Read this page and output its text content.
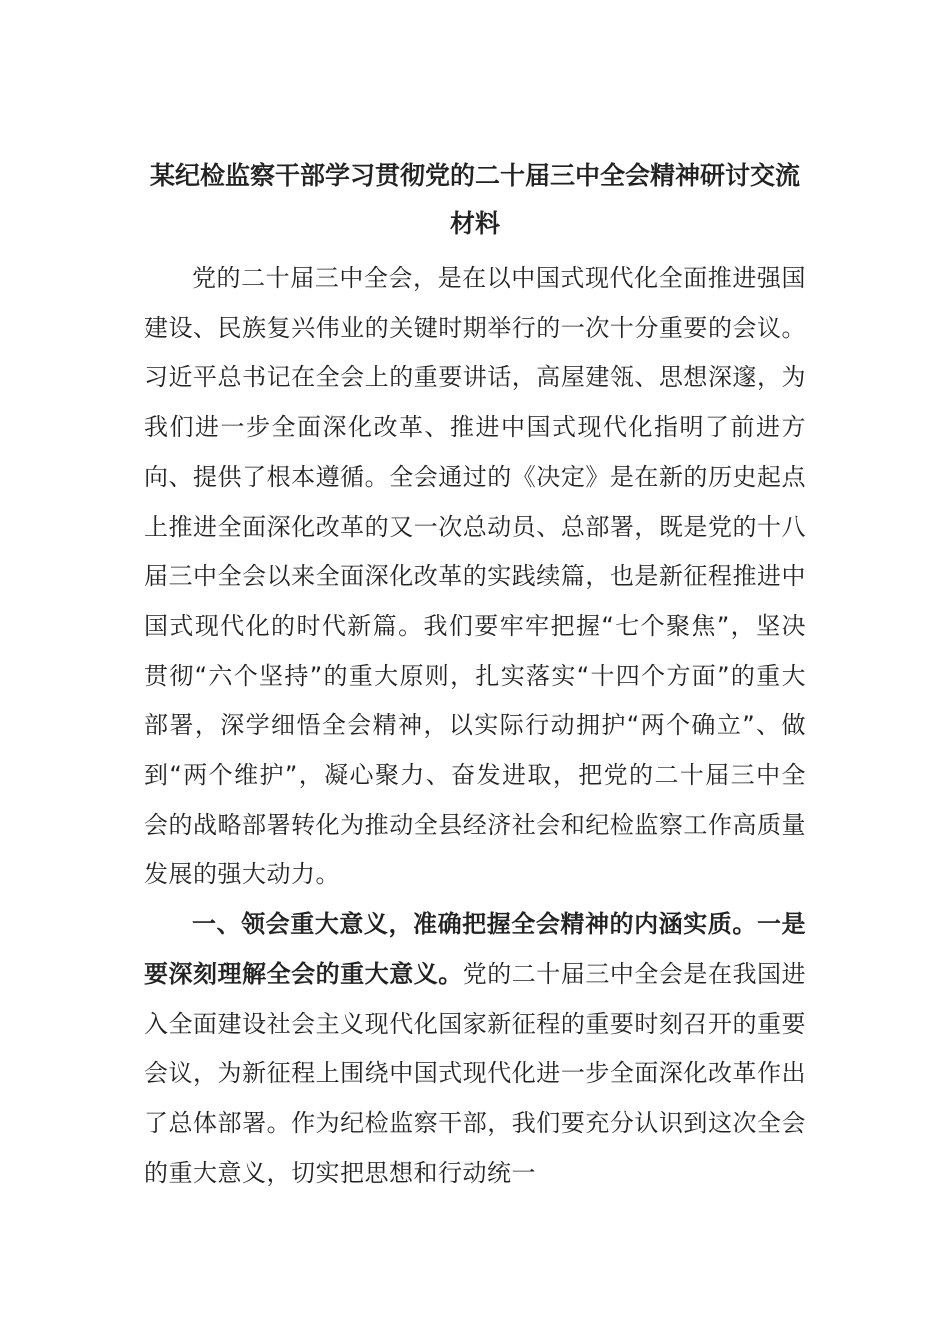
某纪检监察干部学习贯彻党的二十届三中全会精神研讨交流材料

党的二十届三中全会，是在以中国式现代化全面推进强国建设、民族复兴伟业的关键时期举行的一次十分重要的会议。习近平总书记在全会上的重要讲话，高屋建瓴、思想深邃，为我们进一步全面深化改革、推进中国式现代化指明了前进方向、提供了根本遵循。全会通过的《决定》是在新的历史起点上推进全面深化改革的又一次总动员、总部署，既是党的十八届三中全会以来全面深化改革的实践续篇，也是新征程推进中国式现代化的时代新篇。我们要牢牢把握“七个聚焦”，坚决贯彻“六个坚持”的重大原则，扎实落实“十四个方面”的重大部署，深学细悟全会精神，以实际行动拥护“两个确立”、做到“两个维护”，凝心聚力、奋发进取，把党的二十届三中全会的战略部署转化为推动全县经济社会和纪检监察工作高质量发展的强大动力。

一、领会重大意义，准确把握全会精神的内涵实质。一是要深刻理解全会的重大意义。党的二十届三中全会是在我国进入全面建设社会主义现代化国家新征程的重要时刻召开的重要会议，为新征程上围绕中国式现代化进一步全面深化改革作出了总体部署。作为纪检监察干部，我们要充分认识到这次全会的重大意义，切实把思想和行动统一
